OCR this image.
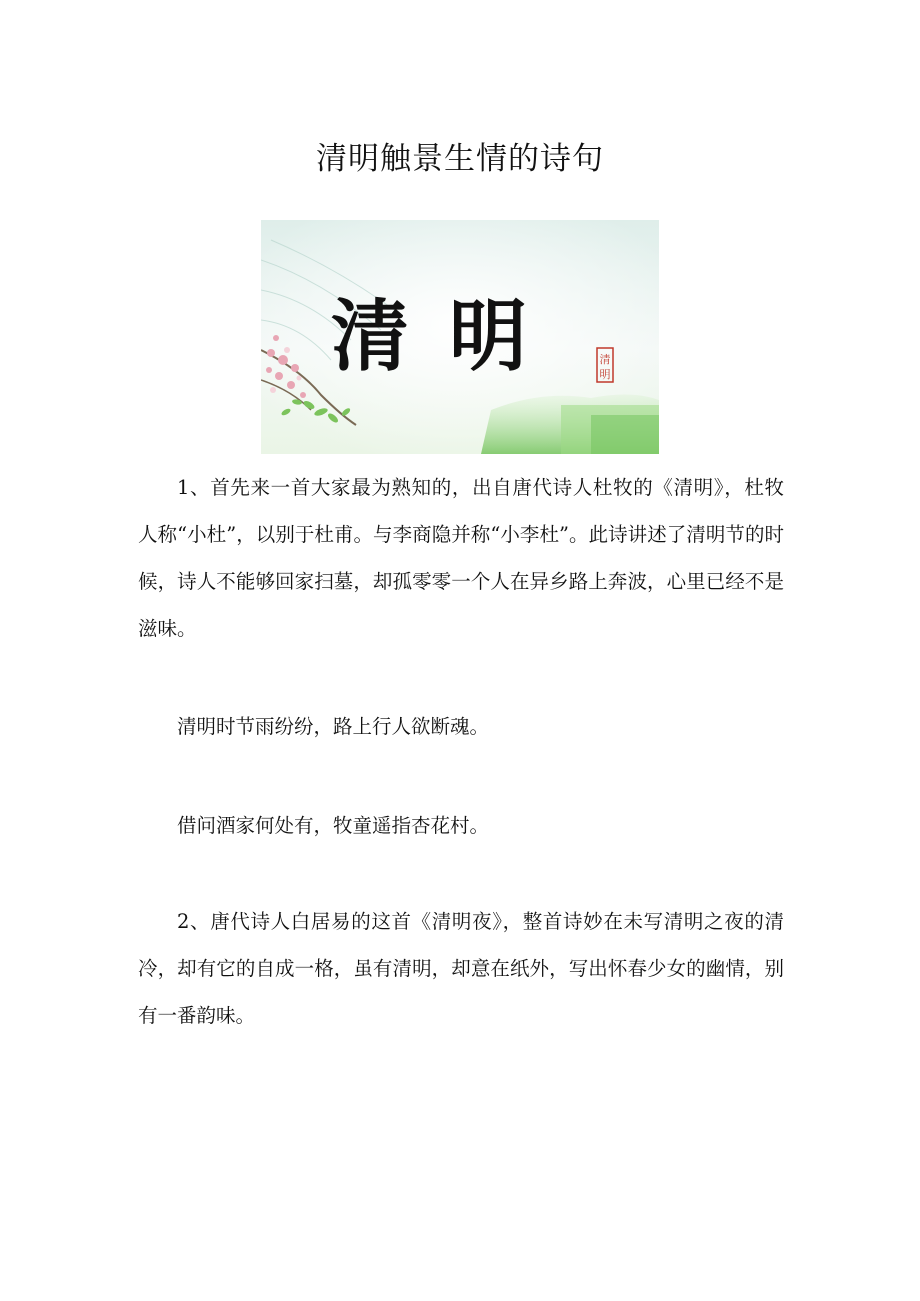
清明触景生情的诗句
清明	清
明

1、首先来一首大家最为熟知的，出自唐代诗人杜牧的《清明》，杜牧人称“小杜”，以别于杜甫。与李商隐并称“小李杜”。此诗讲述了清明节的时候，诗人不能够回家扫墓，却孤零零一个人在异乡路上奔波，心里已经不是滋味。

清明时节雨纷纷，路上行人欲断魂。

借问酒家何处有，牧童遥指杏花村。

2、唐代诗人白居易的这首《清明夜》，整首诗妙在未写清明之夜的清冷，却有它的自成一格，虽有清明，却意在纸外，写出怀春少女的幽情，别有一番韵味。
